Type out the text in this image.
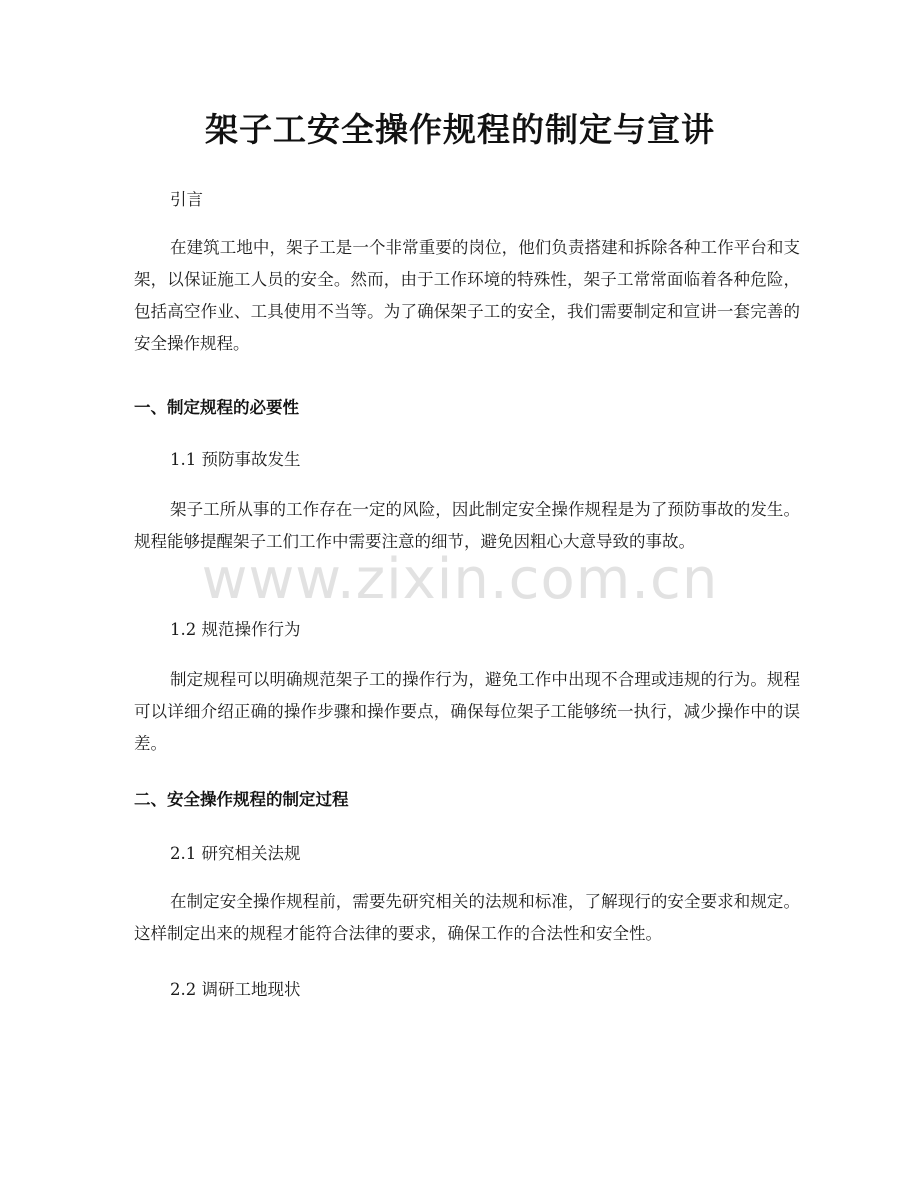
架子工安全操作规程的制定与宣讲

引言

在建筑工地中，架子工是一个非常重要的岗位，他们负责搭建和拆除各种工作平台和支架，以保证施工人员的安全。然而，由于工作环境的特殊性，架子工常常面临着各种危险，包括高空作业、工具使用不当等。为了确保架子工的安全，我们需要制定和宣讲一套完善的安全操作规程。

一、制定规程的必要性

1.1 预防事故发生

架子工所从事的工作存在一定的风险，因此制定安全操作规程是为了预防事故的发生。规程能够提醒架子工们工作中需要注意的细节，避免因粗心大意导致的事故。

1.2 规范操作行为

制定规程可以明确规范架子工的操作行为，避免工作中出现不合理或违规的行为。规程可以详细介绍正确的操作步骤和操作要点，确保每位架子工能够统一执行，减少操作中的误差。

二、安全操作规程的制定过程

2.1 研究相关法规

在制定安全操作规程前，需要先研究相关的法规和标准，了解现行的安全要求和规定。这样制定出来的规程才能符合法律的要求，确保工作的合法性和安全性。

2.2 调研工地现状

www.zixin.com.cn
